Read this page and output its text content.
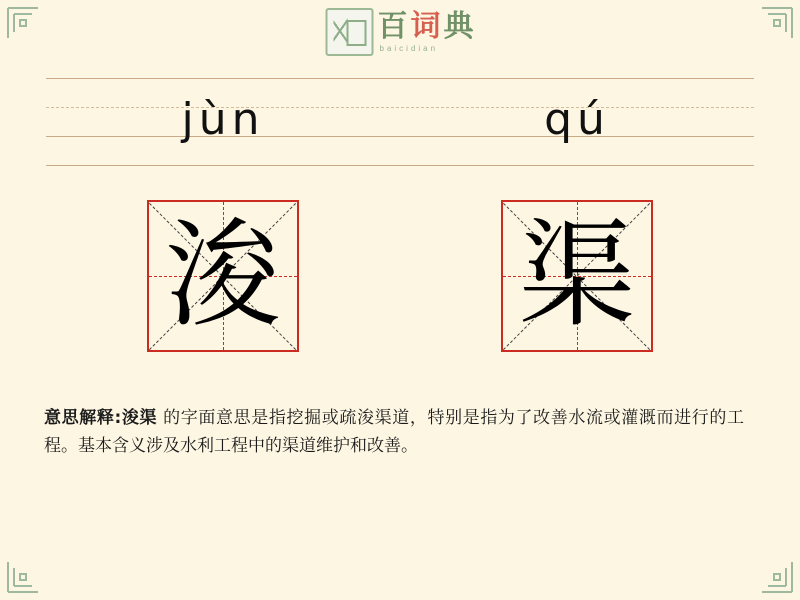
百 词 典
baicidian
jùn	qú
浚 渠
意思解释:浚渠 的字面意思是指挖掘或疏浚渠道，特别是指为了改善水流或灌溉而进行的工程。基本含义涉及水利工程中的渠道维护和改善。
